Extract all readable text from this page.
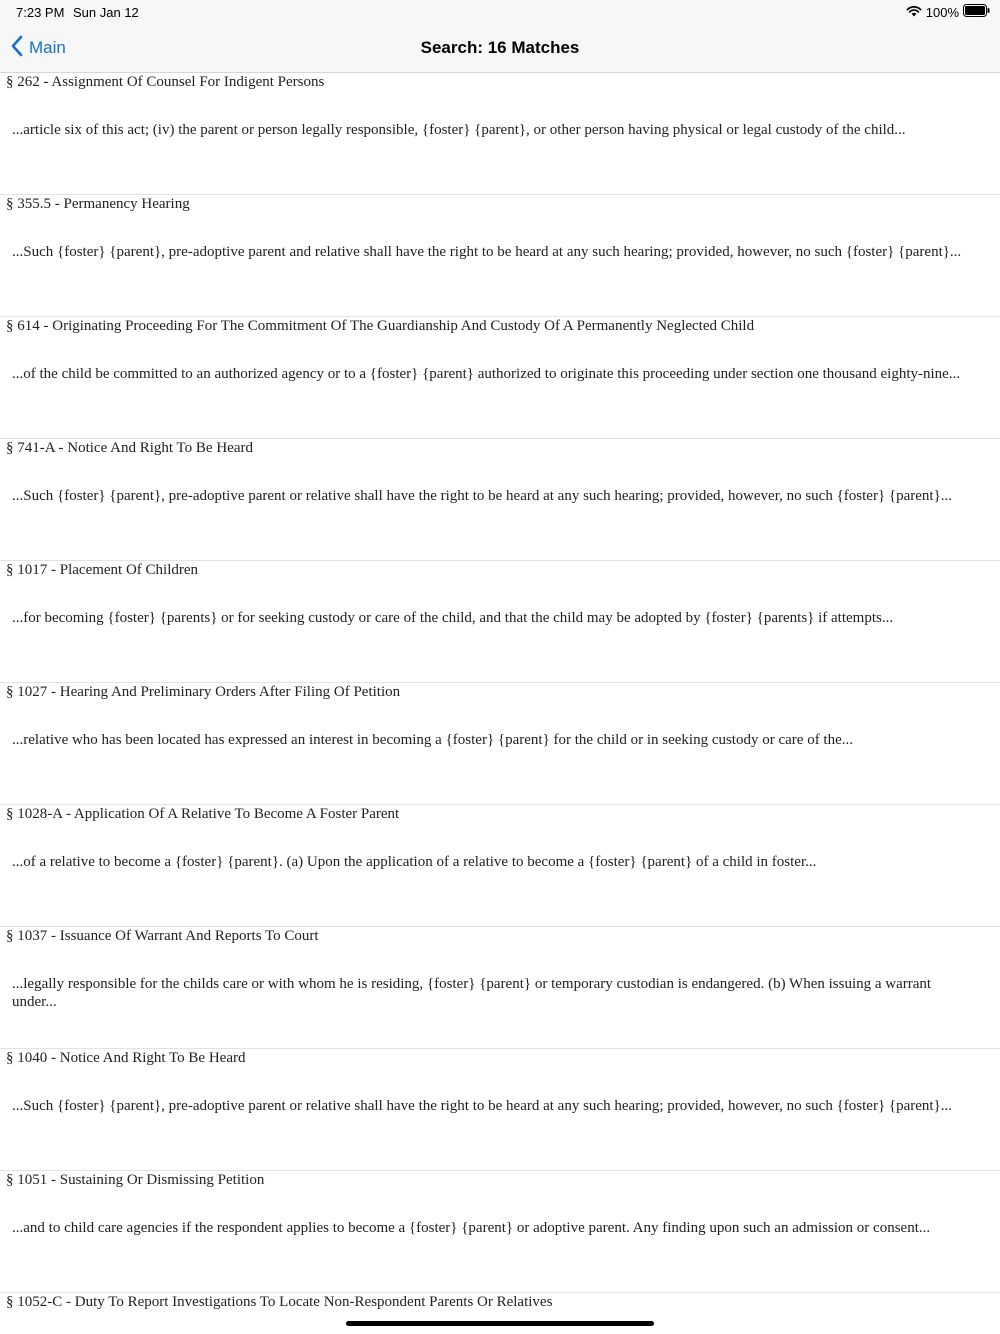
7:23 PM Sun Jan 12	100%
Main	Search: 16 Matches
§ 262 - Assignment Of Counsel For Indigent Persons
...article six of this act; (iv) the parent or person legally responsible, {foster} {parent}, or other person having physical or legal custody of the child...
§ 355.5 - Permanency Hearing
...Such {foster} {parent}, pre-adoptive parent and relative shall have the right to be heard at any such hearing; provided, however, no such {foster} {parent}...
§ 614 - Originating Proceeding For The Commitment Of The Guardianship And Custody Of A Permanently Neglected Child
...of the child be committed to an authorized agency or to a {foster} {parent} authorized to originate this proceeding under section one thousand eighty-nine...
§ 741-A - Notice And Right To Be Heard
...Such {foster} {parent}, pre-adoptive parent or relative shall have the right to be heard at any such hearing; provided, however, no such {foster} {parent}...
§ 1017 - Placement Of Children
...for becoming {foster} {parents} or for seeking custody or care of the child, and that the child may be adopted by {foster} {parents} if attempts...
§ 1027 - Hearing And Preliminary Orders After Filing Of Petition
...relative who has been located has expressed an interest in becoming a {foster} {parent} for the child or in seeking custody or care of the...
§ 1028-A - Application Of A Relative To Become A Foster Parent
...of a relative to become a {foster} {parent}. (a) Upon the application of a relative to become a {foster} {parent} of a child in foster...
§ 1037 - Issuance Of Warrant And Reports To Court
...legally responsible for the childs care or with whom he is residing, {foster} {parent} or temporary custodian is endangered. (b) When issuing a warrant under...
§ 1040 - Notice And Right To Be Heard
...Such {foster} {parent}, pre-adoptive parent or relative shall have the right to be heard at any such hearing; provided, however, no such {foster} {parent}...
§ 1051 - Sustaining Or Dismissing Petition
...and to child care agencies if the respondent applies to become a {foster} {parent} or adoptive parent. Any finding upon such an admission or consent...
§ 1052-C - Duty To Report Investigations To Locate Non-Respondent Parents Or Relatives
